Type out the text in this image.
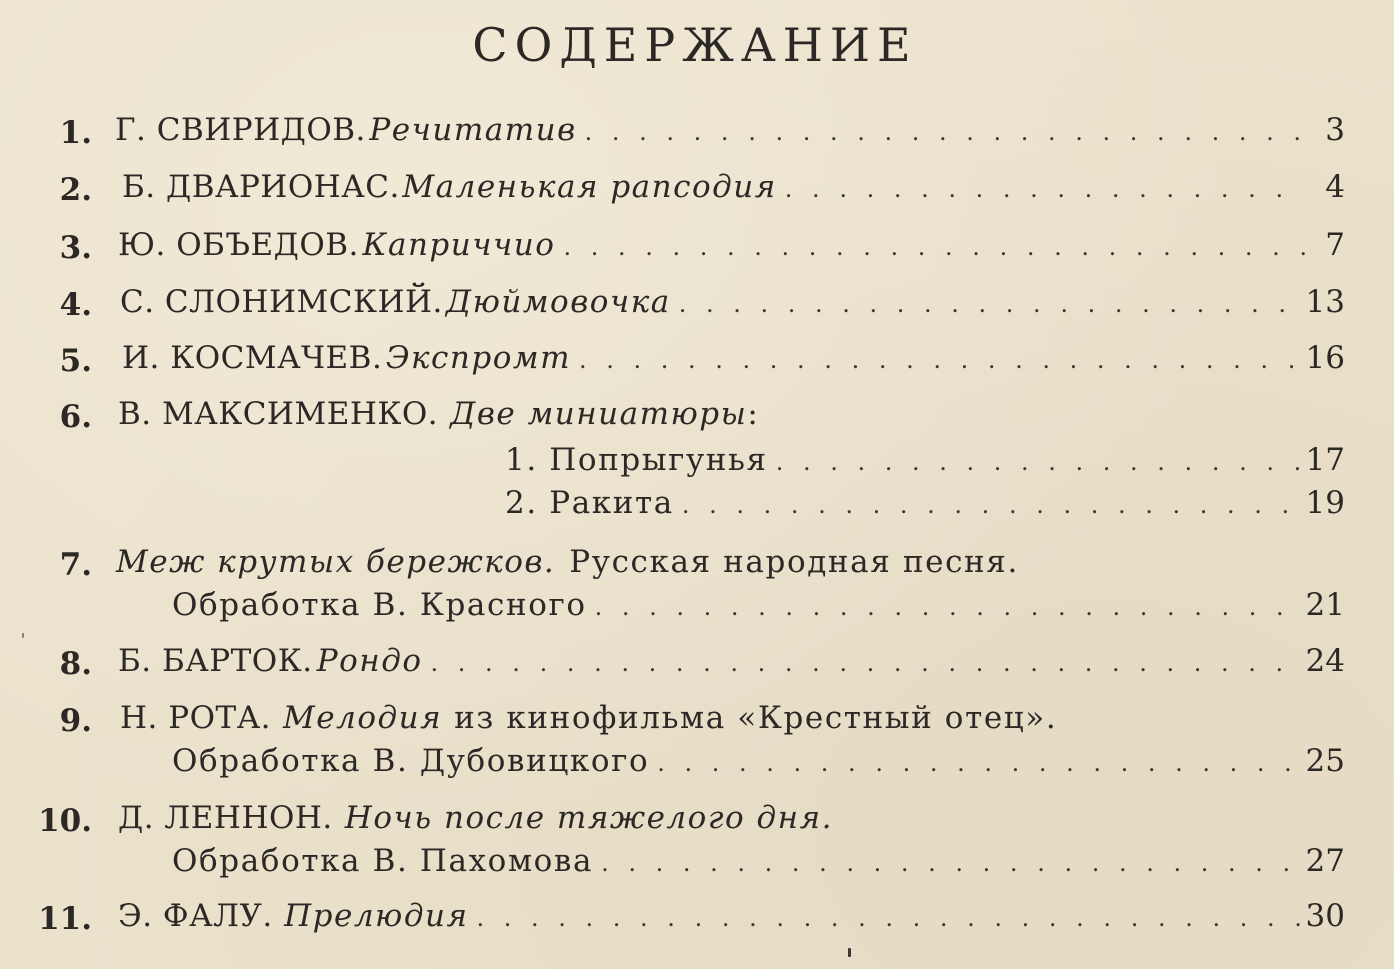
СОДЕРЖАНИЕ
1. Г. СВИРИДОВ. Речитатив . . .	3
2. Б. ДВАРИОНАС. Маленькая рапсодия . . .	4
3. Ю. ОБЪЕДОВ. Каприччио . . .	7
4. С. СЛОНИМСКИЙ. Дюймовочка . . .	13
5. И. КОСМАЧЕВ. Экспромт . . .	16
6. В. МАКСИМЕНКО. Две миниатюры :
1. Попрыгунья . . .	17
2. Ракита . . .	19
7. Меж крутых бережков. Русская народная песня.
Обработка В. Красного . . .	21
8. Б. БАРТОК. Рондо . . .	24
9. Н. РОТА. Мелодия из кинофильма «Крестный отец».
Обработка В. Дубовицкого . . .	25
10. Д. ЛЕННОН. Ночь после тяжелого дня.
Обработка В. Пахомова . . .	27
11. Э. ФАЛУ. Прелюдия . . .	30
